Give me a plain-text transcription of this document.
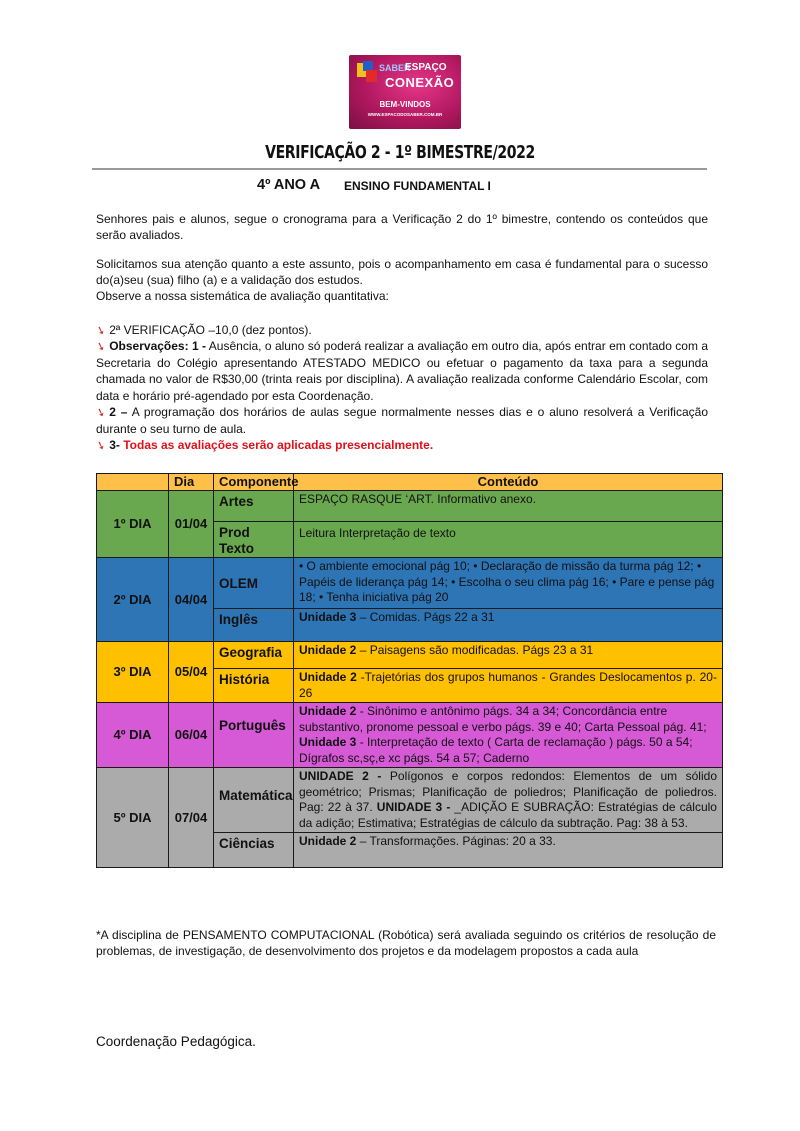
SABER
ESPAÇO
CONEXÃO
BEM-VINDOS
WWW.ESPACODOSABER.COM.BR
VERIFICAÇÃO 2 - 1º BIMESTRE/2022
4º ANO A ENSINO FUNDAMENTAL I
Senhores pais e alunos, segue o cronograma para a Verificação 2 do 1º bimestre, contendo os conteúdos que serão avaliados.
Solicitamos sua atenção quanto a este assunto, pois o acompanhamento em casa é fundamental para o sucesso do(a)seu (sua) filho (a) e a validação dos estudos.
Observe a nossa sistemática de avaliação quantitativa:
➘ 2ª VERIFICAÇÃO –10,0 (dez pontos).
➘ Observações: 1 - Ausência, o aluno só poderá realizar a avaliação em outro dia, após entrar em contado com a Secretaria do Colégio apresentando ATESTADO MEDICO ou efetuar o pagamento da taxa para a segunda chamada no valor de R$30,00 (trinta reais por disciplina). A avaliação realizada conforme Calendário Escolar, com data e horário pré-agendado por esta Coordenação.
➘ 2 – A programação dos horários de aulas segue normalmente nesses dias e o aluno resolverá a Verificação durante o seu turno de aula.
➘ 3- Todas as avaliações serão aplicadas presencialmente.
	Dia	Componente	Conteúdo
1º DIA	01/04	Artes	ESPAÇO RASQUE ‘ART. Informativo anexo.
		Prod Texto	Leitura Interpretação de texto
2º DIA	04/04	OLEM	• O ambiente emocional pág 10; • Declaração de missão da turma pág 12; • Papéis de liderança pág 14; • Escolha o seu clima pág 16; • Pare e pense pág 18; • Tenha iniciativa pág 20
		Inglês	Unidade 3 – Comidas. Págs 22 a 31
3º DIA	05/04	Geografia	Unidade 2 – Paisagens são modificadas. Págs 23 a 31
		História	Unidade 2 -Trajetórias dos grupos humanos - Grandes Deslocamentos p. 20-26
4º DIA	06/04	Português	Unidade 2 - Sinônimo e antônimo págs. 34 a 34; Concordância entre substantivo, pronome pessoal e verbo págs. 39 e 40; Carta Pessoal pág. 41; Unidade 3 - Interpretação de texto ( Carta de reclamação ) págs. 50 a 54; Dígrafos sc,sç,e xc págs. 54 a 57; Caderno
5º DIA	07/04	Matemática	UNIDADE 2 - Polígonos e corpos redondos: Elementos de um sólido geométrico; Prismas; Planificação de poliedros; Planificação de poliedros. Pag: 22 à 37. UNIDADE 3 - _ADIÇÃO E SUBRAÇÃO: Estratégias de cálculo da adição; Estimativa; Estratégias de cálculo da subtração. Pag: 38 à 53.
		Ciências	Unidade 2 – Transformações. Páginas: 20 a 33.
*A disciplina de PENSAMENTO COMPUTACIONAL (Robótica) será avaliada seguindo os critérios de resolução de problemas, de investigação, de desenvolvimento dos projetos e da modelagem propostos a cada aula
Coordenação Pedagógica.
